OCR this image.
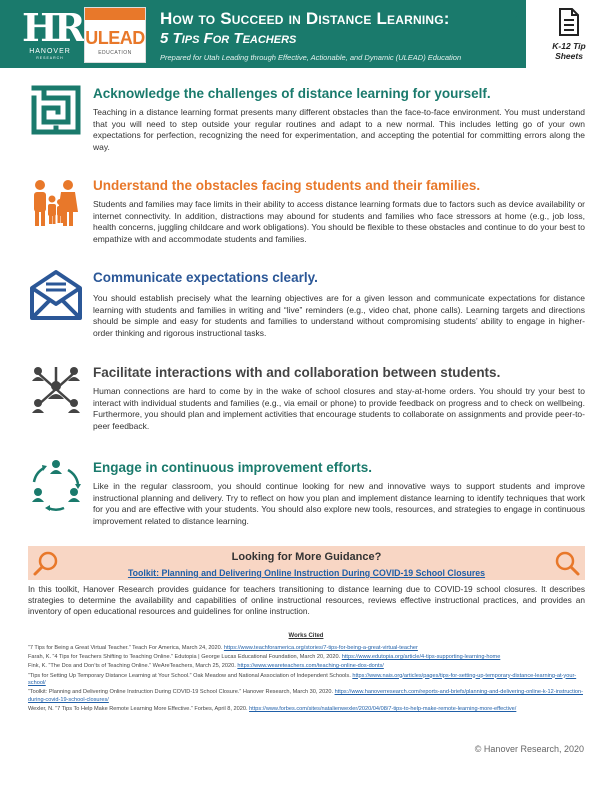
HR
HANOVER
RESEARCH
ULEAD
EDUCATION
How to Succeed in Distance Learning:
5 Tips For Teachers
Prepared for Utah Leading through Effective, Actionable, and Dynamic (ULEAD) Education
K-12 Tip
Sheets
Acknowledge the challenges of distance learning for yourself.

Teaching in a distance learning format presents many different obstacles than the face-to-face environment. You must understand that you will need to step outside your regular routines and adapt to a new normal. This includes letting go of your own expectations for perfection, recognizing the need for experimentation, and accepting the potential for committing errors along the way.

Understand the obstacles facing students and their families.

Students and families may face limits in their ability to access distance learning formats due to factors such as device availability or internet connectivity. In addition, distractions may abound for students and families who face stressors at home (e.g., job loss, health concerns, juggling childcare and work obligations). You should be flexible to these obstacles and continue to do your best to empathize with and accommodate students and families.

Communicate expectations clearly.

You should establish precisely what the learning objectives are for a given lesson and communicate expectations for distance learning with students and families in writing and “live” reminders (e.g., video chat, phone calls). Learning targets and directions should be simple and easy for students and families to understand without compromising students’ ability to engage in higher-order thinking and rigorous instructional tasks.

Facilitate interactions with and collaboration between students.

Human connections are hard to come by in the wake of school closures and stay-at-home orders. You should try your best to interact with individual students and families (e.g., via email or phone) to provide feedback on progress and to check on wellbeing. Furthermore, you should plan and implement activities that encourage students to collaborate on assignments and provide peer-to-peer feedback.

Engage in continuous improvement efforts.

Like in the regular classroom, you should continue looking for new and innovative ways to support students and improve instructional planning and delivery. Try to reflect on how you plan and implement distance learning to identify techniques that work for you and are effective with your students. You should also explore new tools, resources, and strategies to engage in continuous improvement related to distance learning.

Looking for More Guidance?
Toolkit: Planning and Delivering Online Instruction During COVID-19 School Closures

In this toolkit, Hanover Research provides guidance for teachers transitioning to distance learning due to COVID-19 school closures. It describes strategies to determine the availability and capabilities of online instructional resources, reviews effective instructional practices, and provides an inventory of open educational resources and guidelines for online instruction.

Works Cited
“7 Tips for Being a Great Virtual Teacher.” Teach For America, March 24, 2020. https://www.teachforamerica.org/stories/7-tips-for-being-a-great-virtual-teacher
Farah, K. “4 Tips for Teachers Shifting to Teaching Online.” Edutopia | George Lucas Educational Foundation, March 20, 2020. https://www.edutopia.org/article/4-tips-supporting-learning-home
Fink, K. “The Dos and Don’ts of Teaching Online.” WeAreTeachers, March 25, 2020. https://www.weareteachers.com/teaching-online-dos-donts/
“Tips for Setting Up Temporary Distance Learning at Your School.” Oak Meadow and National Association of Independent Schools. https://www.nais.org/articles/pages/tips-for-setting-up-temporary-distance-learning-at-your-school/
“Toolkit: Planning and Delivering Online Instruction During COVID-19 School Closure.” Hanover Research, March 30, 2020. https://www.hanoverresearch.com/reports-and-briefs/planning-and-delivering-online-k-12-instruction-during-covid-19-school-closures/
Wexler, N. “7 Tips To Help Make Remote Learning More Effective.” Forbes, April 8, 2020. https://www.forbes.com/sites/natalienwexler/2020/04/08/7-tips-to-help-make-remote-learning-more-effective/
© Hanover Research, 2020
